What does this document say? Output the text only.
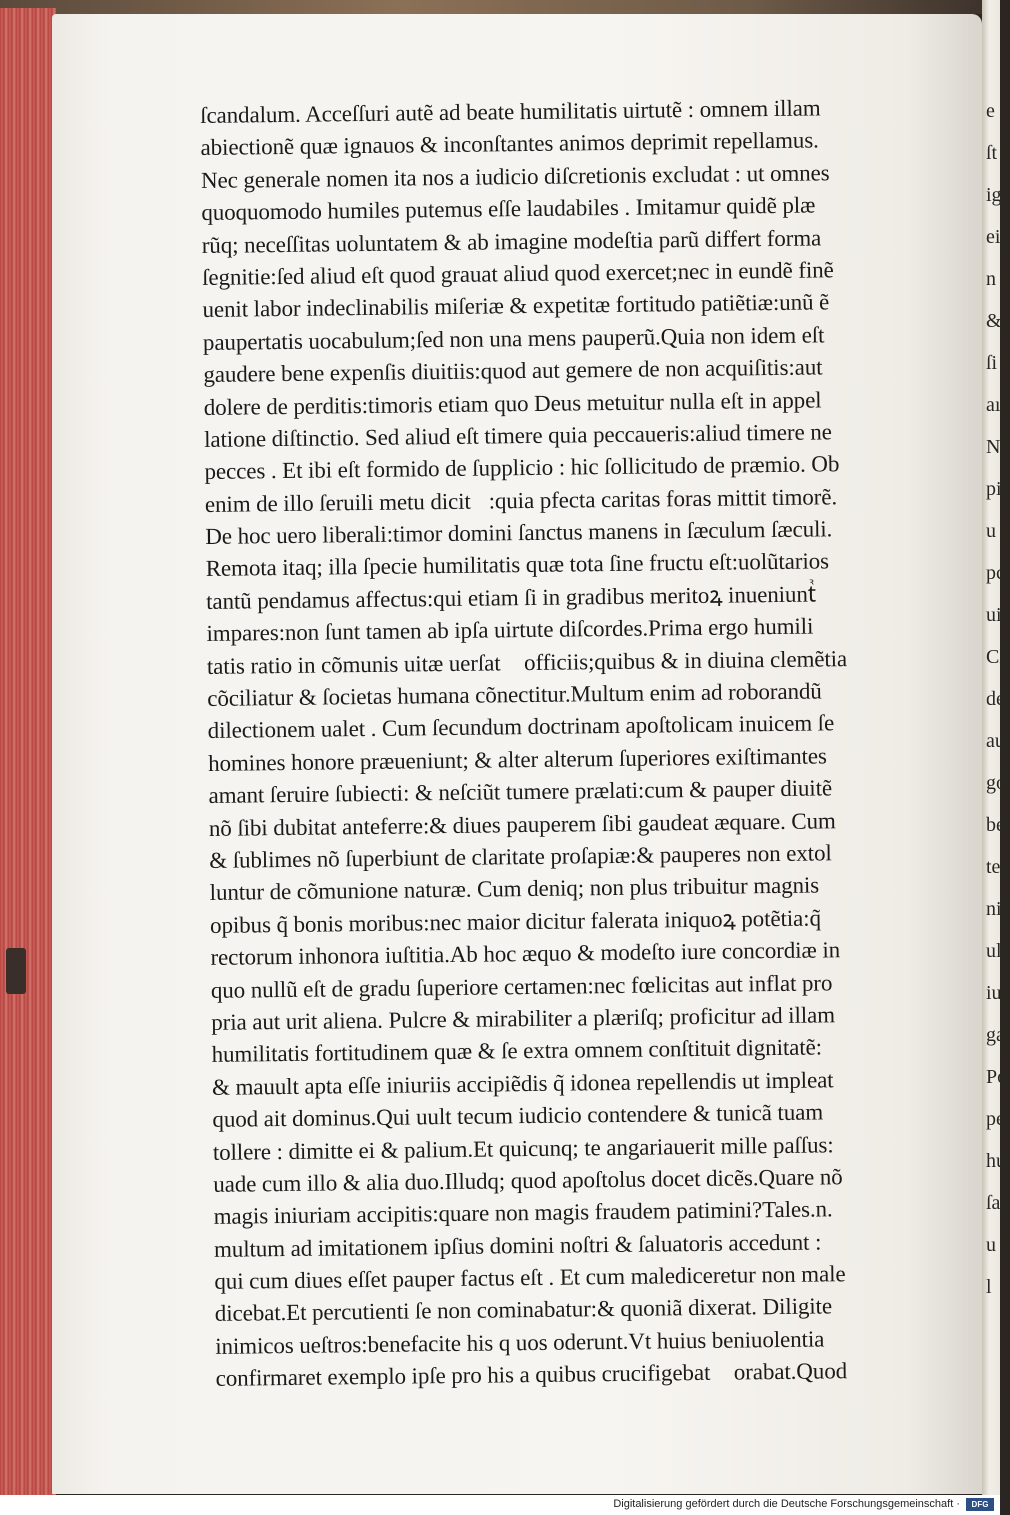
e
ſt
ig
ei
n
&
ſi
aı
N
pi
u
pc
ui
Cl
de
au
go
be
ter
nie
ull
iu
ga
Po
pe
hu
ſa
u
l
ſcandalum. Acceſſuri autẽ ad beate humilitatis uirtutẽ : omnem illam
abiectionẽ quæ ignauos & inconſtantes animos deprimit repellamus.
Nec generale nomen ita nos a iudicio diſcretionis excludat : ut omnes
quoquomodo humiles putemus eſſe laudabiles . Imitamur quidẽ plæ
rũq; neceſſitas uoluntatem & ab imagine modeſtia parũ differt forma
ſegnitie:ſed aliud eſt quod grauat aliud quod exercet;nec in eundẽ finẽ
uenit labor indeclinabilis miſeriæ & expetitæ fortitudo patiẽtiæ:unũ ẽ
paupertatis uocabulum;ſed non una mens pauperũ.Quia non idem eſt
gaudere bene expenſis diuitiis:quod aut gemere de non acquiſitis:aut
dolere de perditis:timoris etiam quo Deus metuitur nulla eſt in appel
latione diſtinctio. Sed aliud eſt timere quia peccaueris:aliud timere ne
pecces . Et ibi eſt formido de ſupplicio : hic ſollicitudo de præmio. Ob
enim de illo ſeruili metu dicitᷣ:quia pfecta caritas foras mittit timorẽ.
De hoc uero liberali:timor domini ſanctus manens in ſæculum ſæculi.
Remota itaq; illa ſpecie humilitatis quæ tota ſine fructu eſt:uolũtarios
tantũ pendamus affectus:qui etiam ſi in gradibus meritoꝝ inueniuntᷣ
impares:non ſunt tamen ab ipſa uirtute diſcordes.Prima ergo humili
tatis ratio in cõmunis uitæ uerſatᷣ officiis;quibus & in diuina clemẽtia
cõciliatur & ſocietas humana cõnectitur.Multum enim ad roborandũ
dilectionem ualet . Cum ſecundum doctrinam apoſtolicam inuicem ſe
homines honore præueniunt; & alter alterum ſuperiores exiſtimantes
amant ſeruire ſubiecti: & neſciũt tumere prælati:cum & pauper diuitẽ
nõ ſibi dubitat anteferre:& diues pauperem ſibi gaudeat æquare. Cum
& ſublimes nõ ſuperbiunt de claritate proſapiæ:& pauperes non extol
luntur de cõmunione naturæ. Cum deniq; non plus tribuitur magnis
opibus q̃ bonis moribus:nec maior dicitur falerata iniquoꝝ potẽtia:q̃
rectorum inhonora iuſtitia.Ab hoc æquo & modeſto iure concordiæ in
quo nullũ eſt de gradu ſuperiore certamen:nec fœlicitas aut inflat pro
pria aut urit aliena. Pulcre & mirabiliter a plæriſq; proficitur ad illam
humilitatis fortitudinem quæ & ſe extra omnem conſtituit dignitatẽ:
& mauult apta eſſe iniuriis accipiẽdis q̃ idonea repellendis ut impleatᷣ
quod ait dominus.Qui uult tecum iudicio contendere & tunicã tuam
tollere : dimitte ei & palium.Et quicunq; te angariauerit mille paſſus:
uade cum illo & alia duo.Illudq; quod apoſtolus docet dicẽs.Quare nõ
magis iniuriam accipitis:quare non magis fraudem patimini?Tales.n.
multum ad imitationem ipſius domini noſtri & ſaluatoris accedunt :
qui cum diues eſſet pauper factus eſt . Et cum malediceretur non male
dicebat.Et percutienti ſe non cominabatur:& quoniã dixerat. Diligite
inimicos ueſtros:benefacite his q uos oderunt.Vt huius beniuolentia
confirmaret exemplo ipſe pro his a quibus crucifigebatᷣ orabat.Quod
Digitalisierung gefördert durch die Deutsche Forschungsgemeinschaft ·	DFG
